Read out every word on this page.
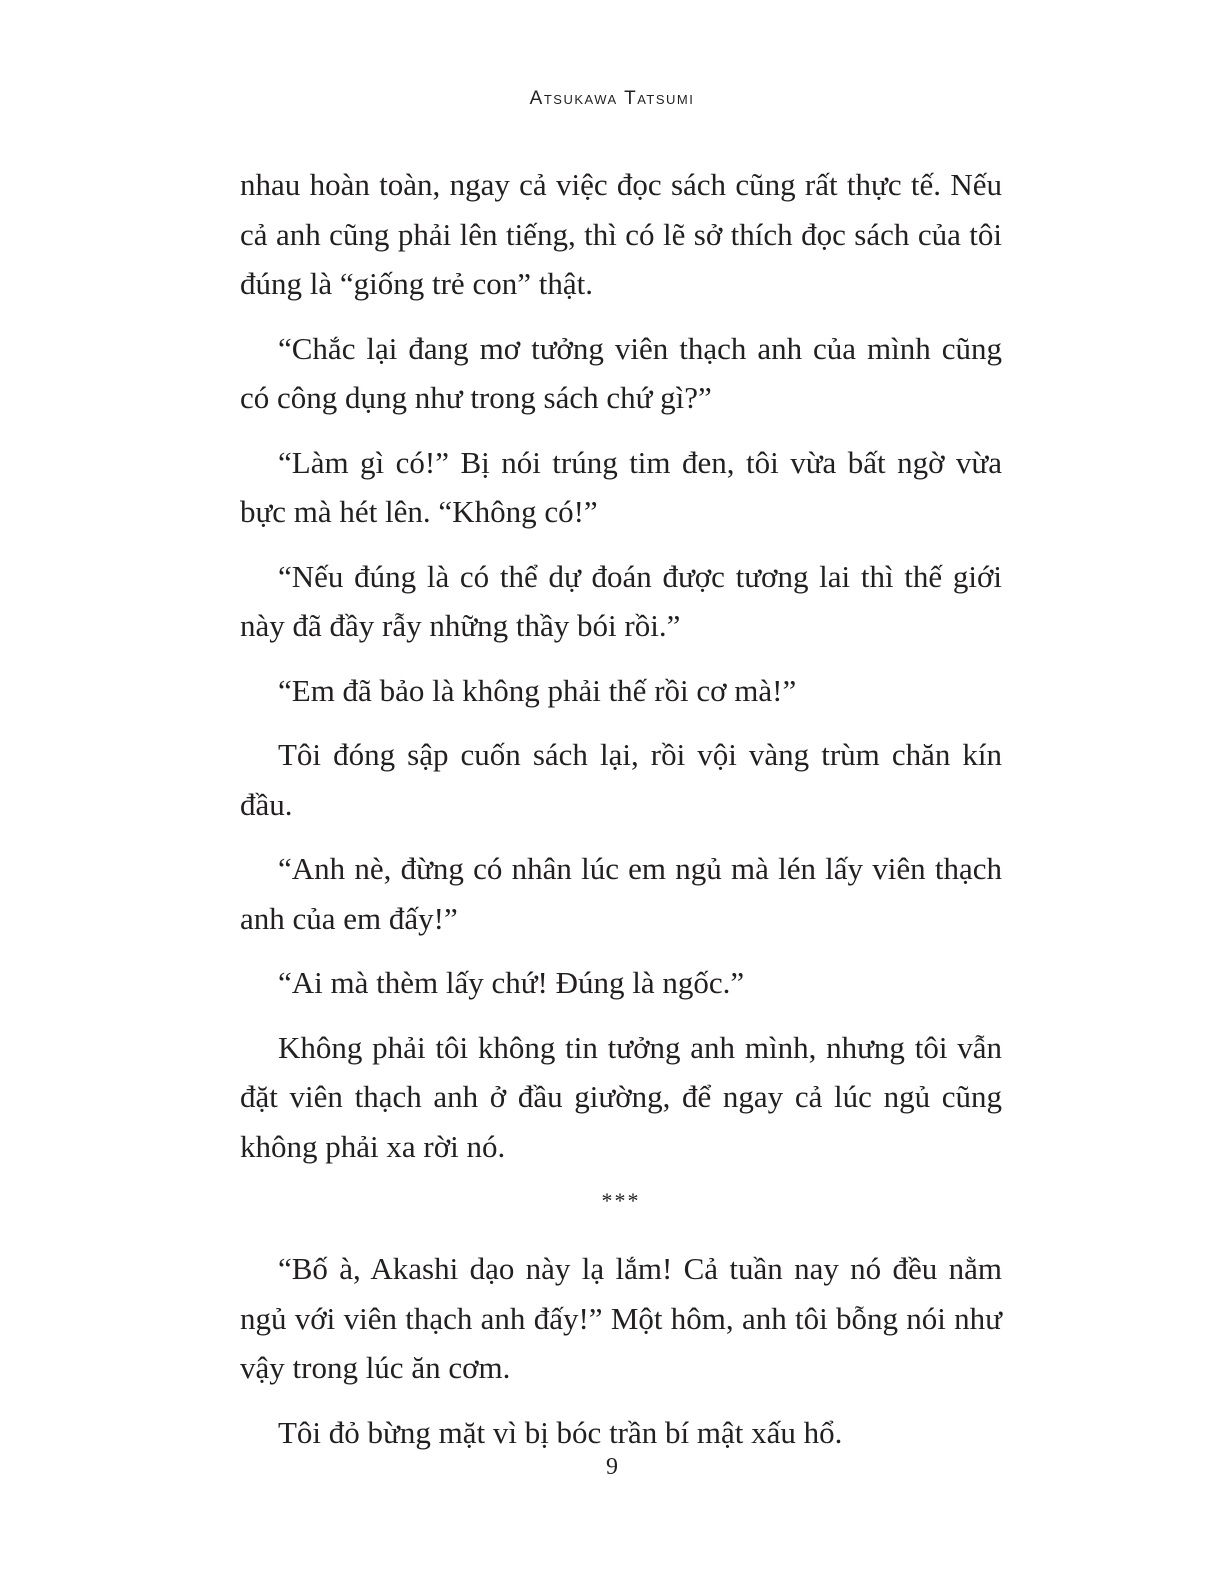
Atsukawa Tatsumi

nhau hoàn toàn, ngay cả việc đọc sách cũng rất thực tế. Nếu cả anh cũng phải lên tiếng, thì có lẽ sở thích đọc sách của tôi đúng là “giống trẻ con” thật.

“Chắc lại đang mơ tưởng viên thạch anh của mình cũng có công dụng như trong sách chứ gì?”

“Làm gì có!” Bị nói trúng tim đen, tôi vừa bất ngờ vừa bực mà hét lên. “Không có!”

“Nếu đúng là có thể dự đoán được tương lai thì thế giới này đã đầy rẫy những thầy bói rồi.”

“Em đã bảo là không phải thế rồi cơ mà!”

Tôi đóng sập cuốn sách lại, rồi vội vàng trùm chăn kín đầu.

“Anh nè, đừng có nhân lúc em ngủ mà lén lấy viên thạch anh của em đấy!”

“Ai mà thèm lấy chứ! Đúng là ngốc.”

Không phải tôi không tin tưởng anh mình, nhưng tôi vẫn đặt viên thạch anh ở đầu giường, để ngay cả lúc ngủ cũng không phải xa rời nó.

***

“Bố à, Akashi dạo này lạ lắm! Cả tuần nay nó đều nằm ngủ với viên thạch anh đấy!” Một hôm, anh tôi bỗng nói như vậy trong lúc ăn cơm.

Tôi đỏ bừng mặt vì bị bóc trần bí mật xấu hổ.

9
